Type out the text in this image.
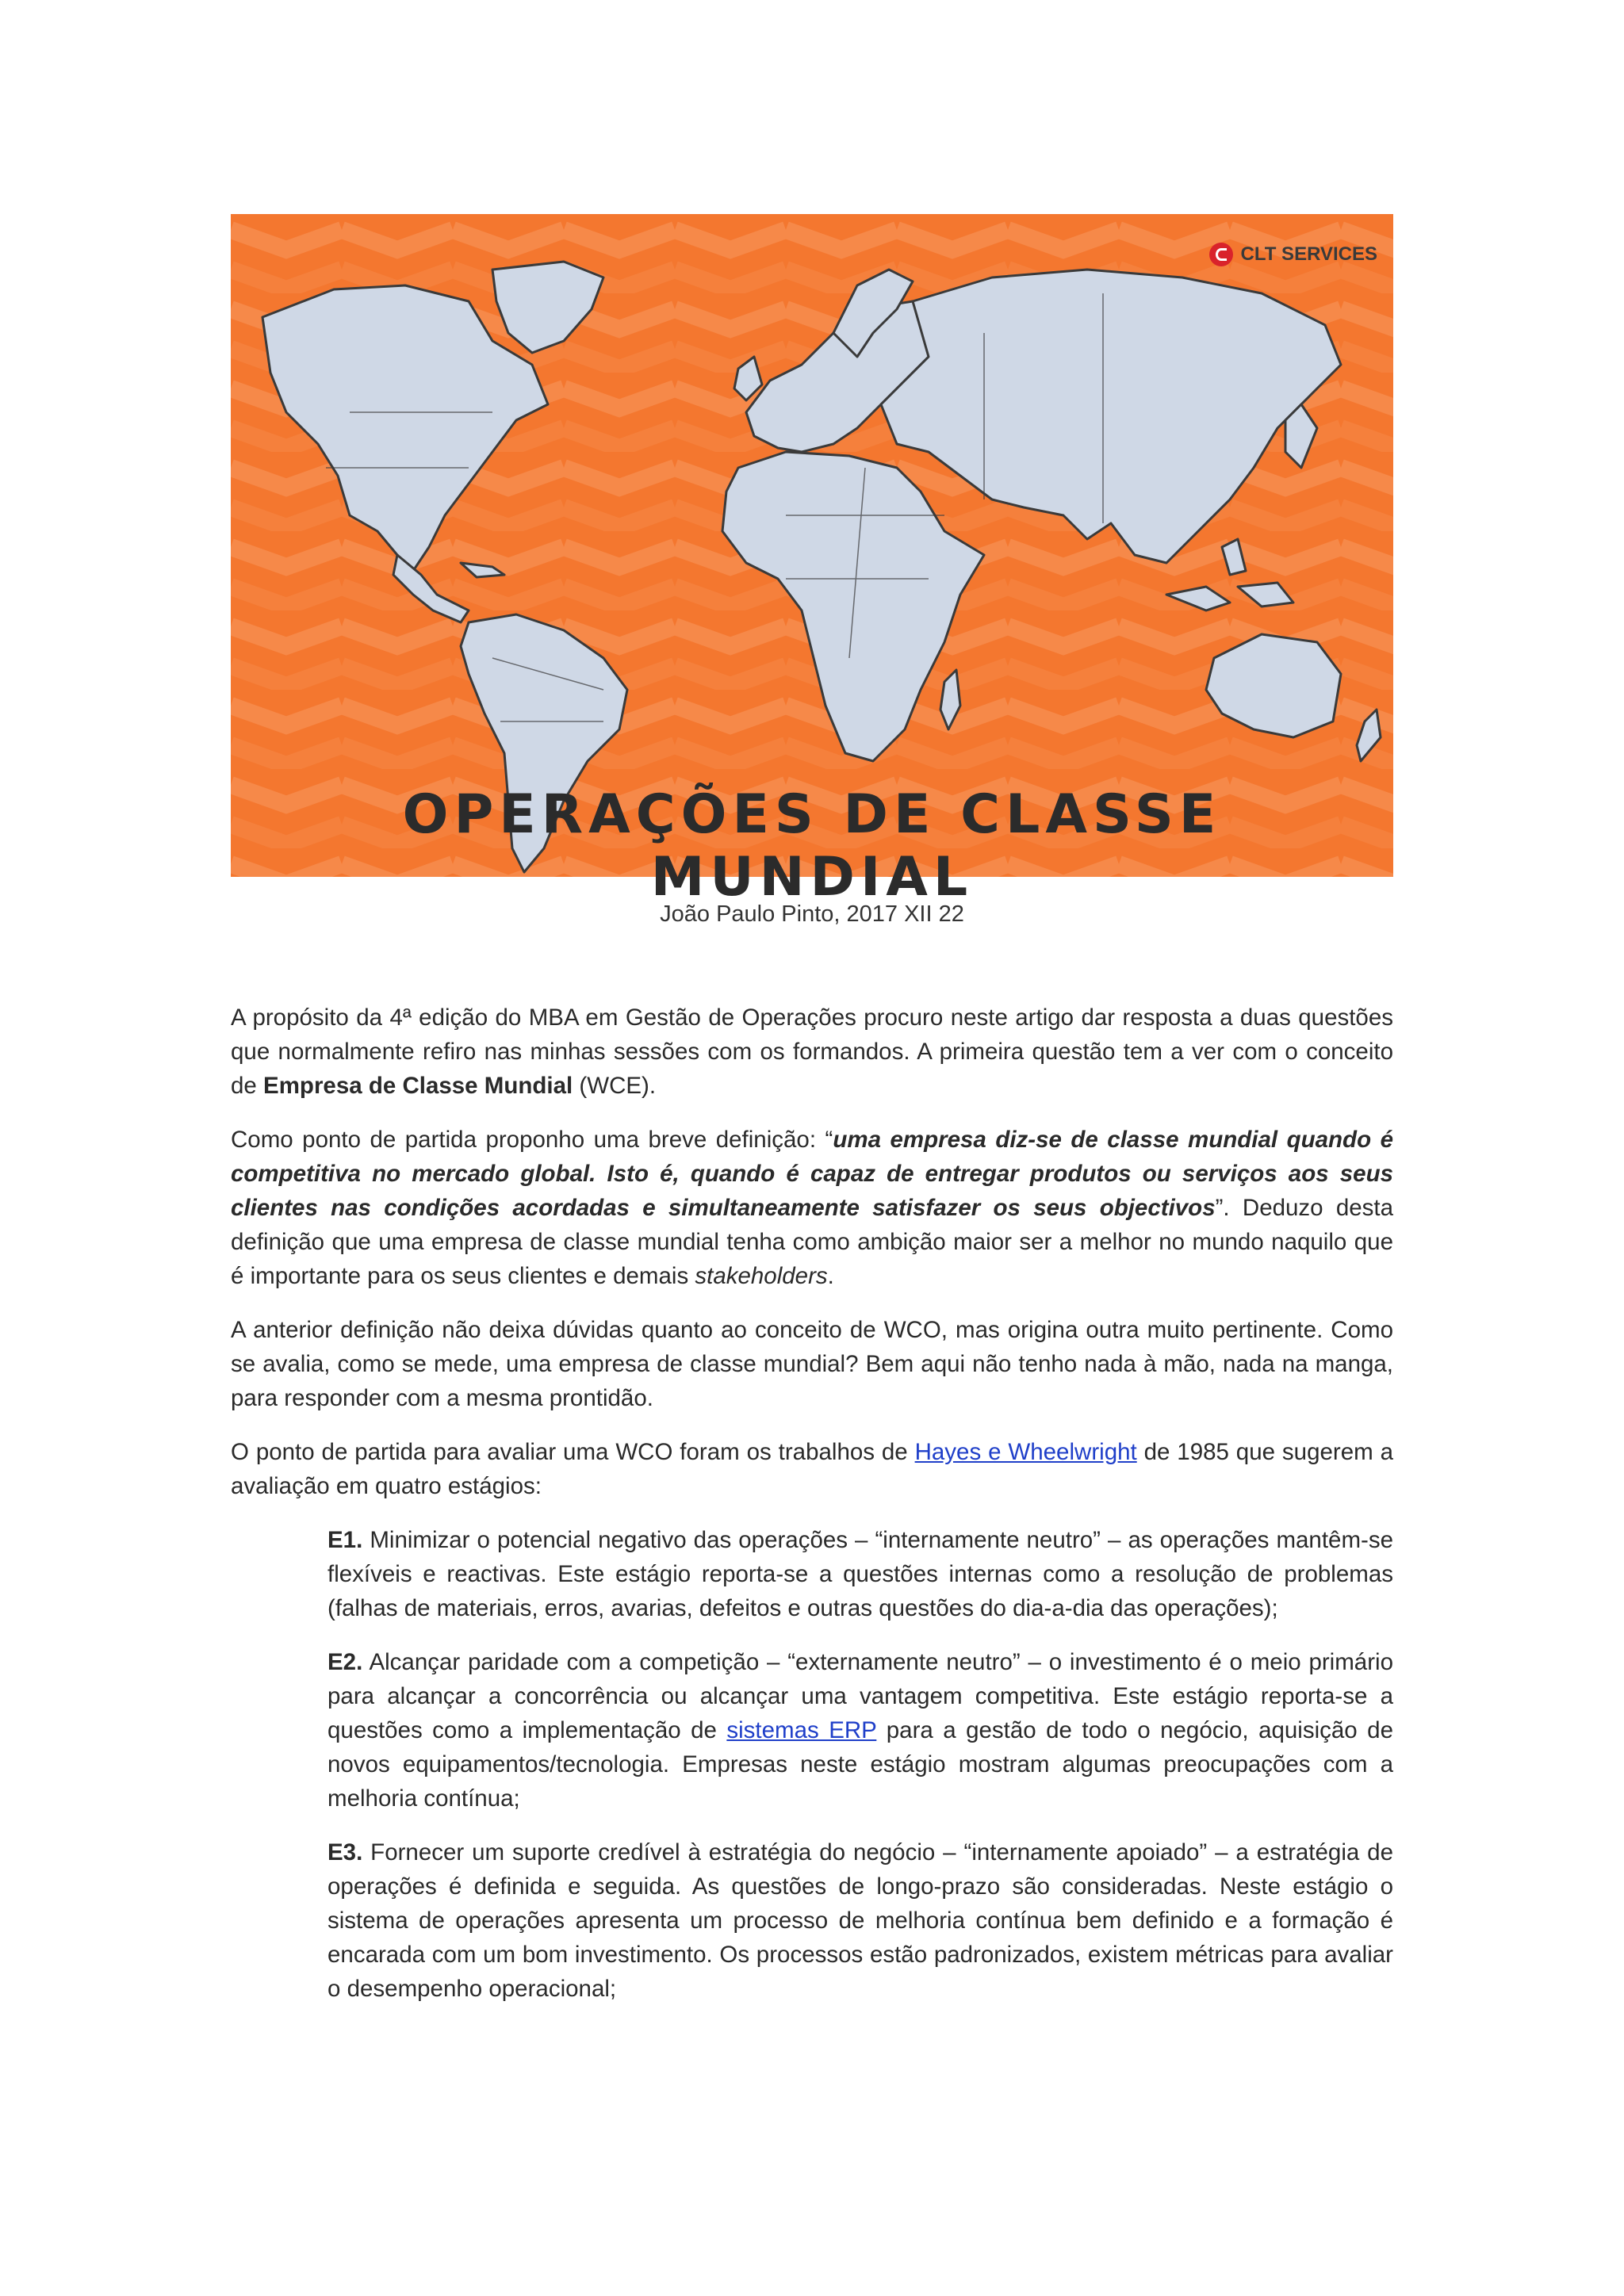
CLT SERVICES
OPERAÇÕES DE CLASSE MUNDIAL
João Paulo Pinto, 2017 XII 22

A propósito da 4ª edição do MBA em Gestão de Operações procuro neste artigo dar resposta a duas questões que normalmente refiro nas minhas sessões com os formandos. A primeira questão tem a ver com o conceito de Empresa de Classe Mundial (WCE).

Como ponto de partida proponho uma breve definição: “uma empresa diz-se de classe mundial quando é competitiva no mercado global. Isto é, quando é capaz de entregar produtos ou serviços aos seus clientes nas condições acordadas e simultaneamente satisfazer os seus objectivos”. Deduzo desta definição que uma empresa de classe mundial tenha como ambição maior ser a melhor no mundo naquilo que é importante para os seus clientes e demais stakeholders.

A anterior definição não deixa dúvidas quanto ao conceito de WCO, mas origina outra muito pertinente. Como se avalia, como se mede, uma empresa de classe mundial? Bem aqui não tenho nada à mão, nada na manga, para responder com a mesma prontidão.

O ponto de partida para avaliar uma WCO foram os trabalhos de Hayes e Wheelwright de 1985 que sugerem a avaliação em quatro estágios:

E1. Minimizar o potencial negativo das operações – “internamente neutro” – as operações mantêm-se flexíveis e reactivas. Este estágio reporta-se a questões internas como a resolução de problemas (falhas de materiais, erros, avarias, defeitos e outras questões do dia-a-dia das operações);

E2. Alcançar paridade com a competição – “externamente neutro” – o investimento é o meio primário para alcançar a concorrência ou alcançar uma vantagem competitiva. Este estágio reporta-se a questões como a implementação de sistemas ERP para a gestão de todo o negócio, aquisição de novos equipamentos/tecnologia. Empresas neste estágio mostram algumas preocupações com a melhoria contínua;

E3. Fornecer um suporte credível à estratégia do negócio – “internamente apoiado” – a estratégia de operações é definida e seguida. As questões de longo-prazo são consideradas. Neste estágio o sistema de operações apresenta um processo de melhoria contínua bem definido e a formação é encarada com um bom investimento. Os processos estão padronizados, existem métricas para avaliar o desempenho operacional;
